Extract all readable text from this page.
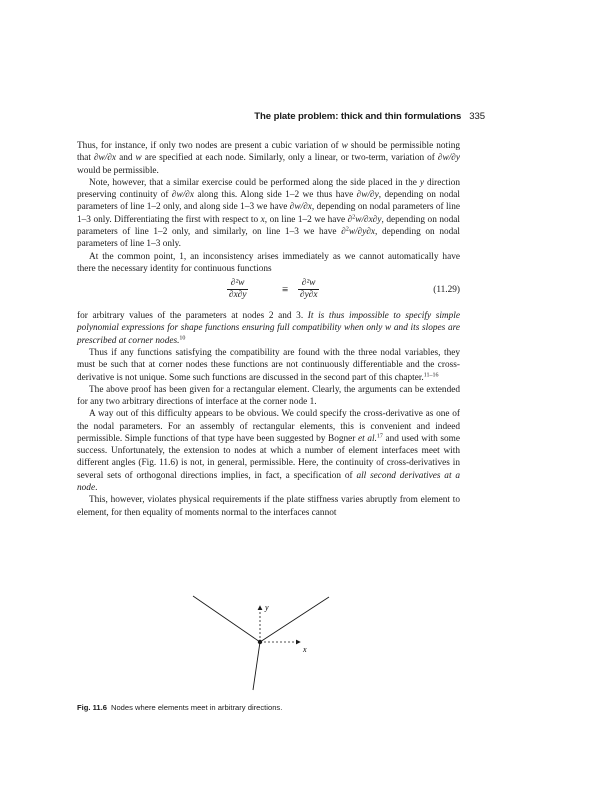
The plate problem: thick and thin formulations 335

Thus, for instance, if only two nodes are present a cubic variation of w should be permissible noting that ∂w/∂x and w are specified at each node. Similarly, only a linear, or two-term, variation of ∂w/∂y would be permissible.

Note, however, that a similar exercise could be performed along the side placed in the y direction preserving continuity of ∂w/∂x along this. Along side 1–2 we thus have ∂w/∂y, depending on nodal parameters of line 1–2 only, and along side 1–3 we have ∂w/∂x, depending on nodal parameters of line 1–3 only. Differentiating the first with respect to x, on line 1–2 we have ∂$^2$w/∂x∂y, depending on nodal parameters of line 1–2 only, and similarly, on line 1–3 we have ∂$^2$w/∂y∂x, depending on nodal parameters of line 1–3 only.

At the common point, 1, an inconsistency arises immediately as we cannot automatically have there the necessary identity for continuous functions

$\frac{\text{∂²w}}{\partial x\partial y}$	≡ $\frac{\text{∂²w}}{\partial y\partial x}$	(11.29)

for arbitrary values of the parameters at nodes 2 and 3. It is thus impossible to specify simple polynomial expressions for shape functions ensuring full compatibility when only w and its slopes are prescribed at corner nodes.$^{10}$

Thus if any functions satisfying the compatibility are found with the three nodal variables, they must be such that at corner nodes these functions are not continuously differentiable and the cross-derivative is not unique. Some such functions are discussed in the second part of this chapter.$^{11-16}$

The above proof has been given for a rectangular element. Clearly, the arguments can be extended for any two arbitrary directions of interface at the corner node 1.

A way out of this difficulty appears to be obvious. We could specify the cross-derivative as one of the nodal parameters. For an assembly of rectangular elements, this is convenient and indeed permissible. Simple functions of that type have been suggested by Bogner et al.$^{17}$ and used with some success. Unfortunately, the extension to nodes at which a number of element interfaces meet with different angles (Fig. 11.6) is not, in general, permissible. Here, the continuity of cross-derivatives in several sets of orthogonal directions implies, in fact, a specification of all second derivatives at a node.

This, however, violates physical requirements if the plate stiffness varies abruptly from element to element, for then equality of moments normal to the interfaces cannot

y
x
Fig. 11.6 Nodes where elements meet in arbitrary directions.
